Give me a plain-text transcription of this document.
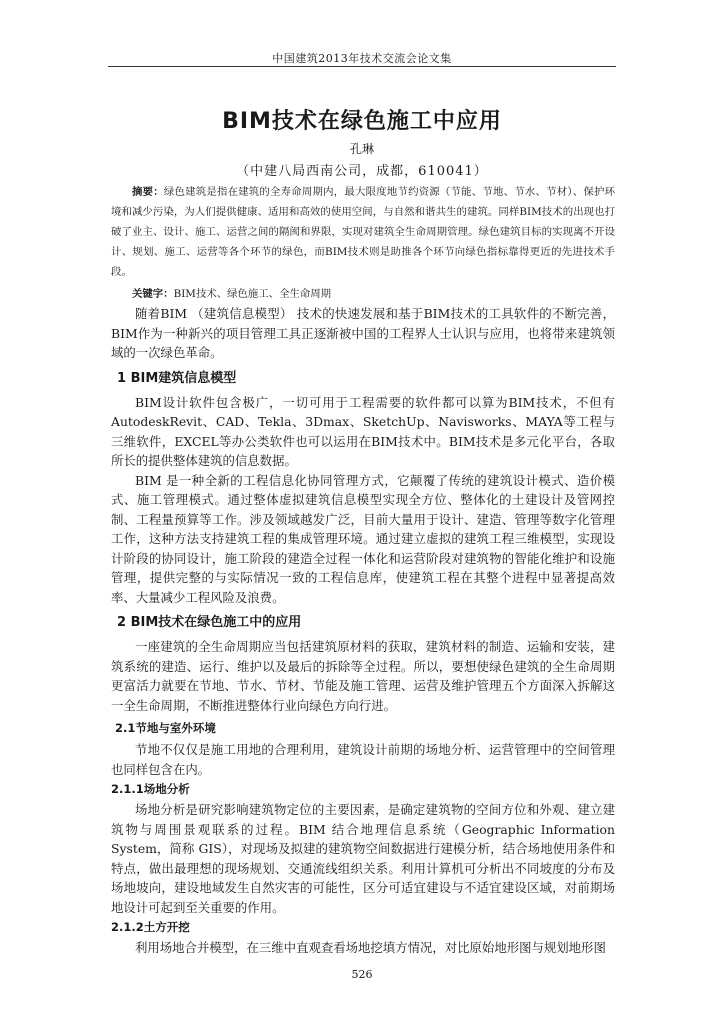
中国建筑2013年技术交流会论文集
BIM技术在绿色施工中应用
孔琳
（中建八局西南公司，成都，610041）

摘要：绿色建筑是指在建筑的全寿命周期内，最大限度地节约资源（节能、节地、节水、节材）、保护环境和减少污染，为人们提供健康、适用和高效的使用空间，与自然和谐共生的建筑。同样BIM技术的出现也打破了业主、设计、施工、运营之间的隔阂和界限，实现对建筑全生命周期管理。绿色建筑目标的实现离不开设计、规划、施工、运营等各个环节的绿色，而BIM技术则是助推各个环节向绿色指标靠得更近的先进技术手段。

关键字：BIM技术、绿色施工、全生命周期

随着BIM （建筑信息模型） 技术的快速发展和基于BIM技术的工具软件的不断完善，BIM作为一种新兴的项目管理工具正逐渐被中国的工程界人士认识与应用，也将带来建筑领域的一次绿色革命。

1 BIM建筑信息模型

BIM设计软件包含极广，一切可用于工程需要的软件都可以算为BIM技术，不但有AutodeskRevit、CAD、Tekla、3Dmax、SketchUp、Navisworks、MAYA等工程与三维软件，EXCEL等办公类软件也可以运用在BIM技术中。BIM技术是多元化平台，各取所长的提供整体建筑的信息数据。

BIM 是一种全新的工程信息化协同管理方式，它颠覆了传统的建筑设计模式、造价模式、施工管理模式。通过整体虚拟建筑信息模型实现全方位、整体化的土建设计及管网控制、工程量预算等工作。涉及领域越发广泛，目前大量用于设计、建造、管理等数字化管理工作，这种方法支持建筑工程的集成管理环境。通过建立虚拟的建筑工程三维模型，实现设计阶段的协同设计，施工阶段的建造全过程一体化和运营阶段对建筑物的智能化维护和设施管理，提供完整的与实际情况一致的工程信息库，使建筑工程在其整个进程中显著提高效率、大量减少工程风险及浪费。

2 BIM技术在绿色施工中的应用

一座建筑的全生命周期应当包括建筑原材料的获取，建筑材料的制造、运输和安装，建筑系统的建造、运行、维护以及最后的拆除等全过程。所以，要想使绿色建筑的全生命周期更富活力就要在节地、节水、节材、节能及施工管理、运营及维护管理五个方面深入拆解这一全生命周期，不断推进整体行业向绿色方向行进。

2.1节地与室外环境

节地不仅仅是施工用地的合理利用，建筑设计前期的场地分析、运营管理中的空间管理也同样包含在内。

2.1.1场地分析

场地分析是研究影响建筑物定位的主要因素，是确定建筑物的空间方位和外观、建立建筑物与周围景观联系的过程。BIM 结合地理信息系统（Geographic Information System，简称 GIS），对现场及拟建的建筑物空间数据进行建模分析，结合场地使用条件和特点，做出最理想的现场规划、交通流线组织关系。利用计算机可分析出不同坡度的分布及场地坡向，建设地域发生自然灾害的可能性，区分可适宜建设与不适宜建设区域，对前期场地设计可起到至关重要的作用。

2.1.2土方开挖

利用场地合并模型，在三维中直观查看场地挖填方情况，对比原始地形图与规划地形图

526
